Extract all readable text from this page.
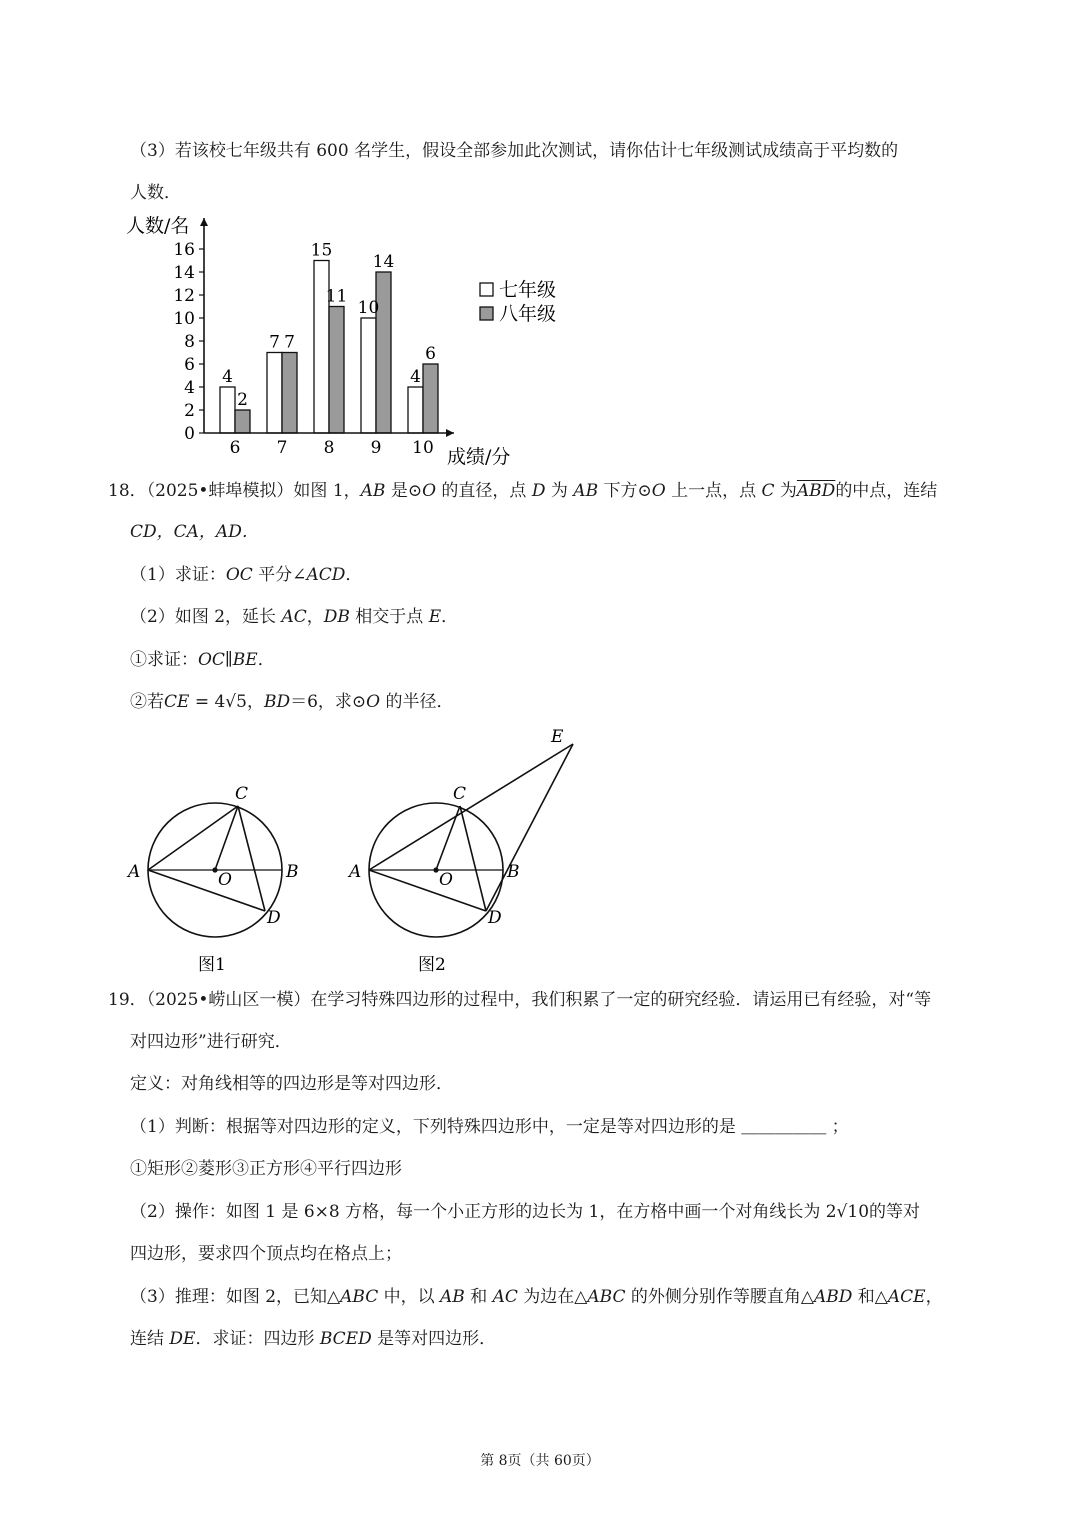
（3）若该校七年级共有 600 名学生，假设全部参加此次测试，请你估计七年级测试成绩高于平均数的
人数．
0
2
4
6
8
10
12
14
16
人数/名
成绩/分
4
2
6
7 7
7
15
11
8
10
14
9
4
6
10
七年级
八年级
18．（2025•蚌埠模拟）如图 1，AB 是⊙O 的直径，点 D 为 AB 下方⊙O 上一点，点 C 为$\overline{ABD}$的中点，连结
CD，CA，AD．
（1）求证：OC 平分∠ACD．
（2）如图 2，延长 AC，DB 相交于点 E．
①求证：OC∥BE．
②若CE = 4√5，BD＝6，求⊙O 的半径．
A	B
C
D
O
图1
A	B
C
D
O
E
图2
19．（2025•崂山区一模）在学习特殊四边形的过程中，我们积累了一定的研究经验．请运用已有经验，对“等
对四边形”进行研究．
定义：对角线相等的四边形是等对四边形．
（1）判断：根据等对四边形的定义，下列特殊四边形中，一定是等对四边形的是 ＿＿＿＿＿ ；
①矩形②菱形③正方形④平行四边形
（2）操作：如图 1 是 6×8 方格，每一个小正方形的边长为 1，在方格中画一个对角线长为 2√10的等对
四边形，要求四个顶点均在格点上；
（3）推理：如图 2，已知△ABC 中，以 AB 和 AC 为边在△ABC 的外侧分别作等腰直角△ABD 和△ACE，
连结 DE．求证：四边形 BCED 是等对四边形．
第 8页（共 60页）
